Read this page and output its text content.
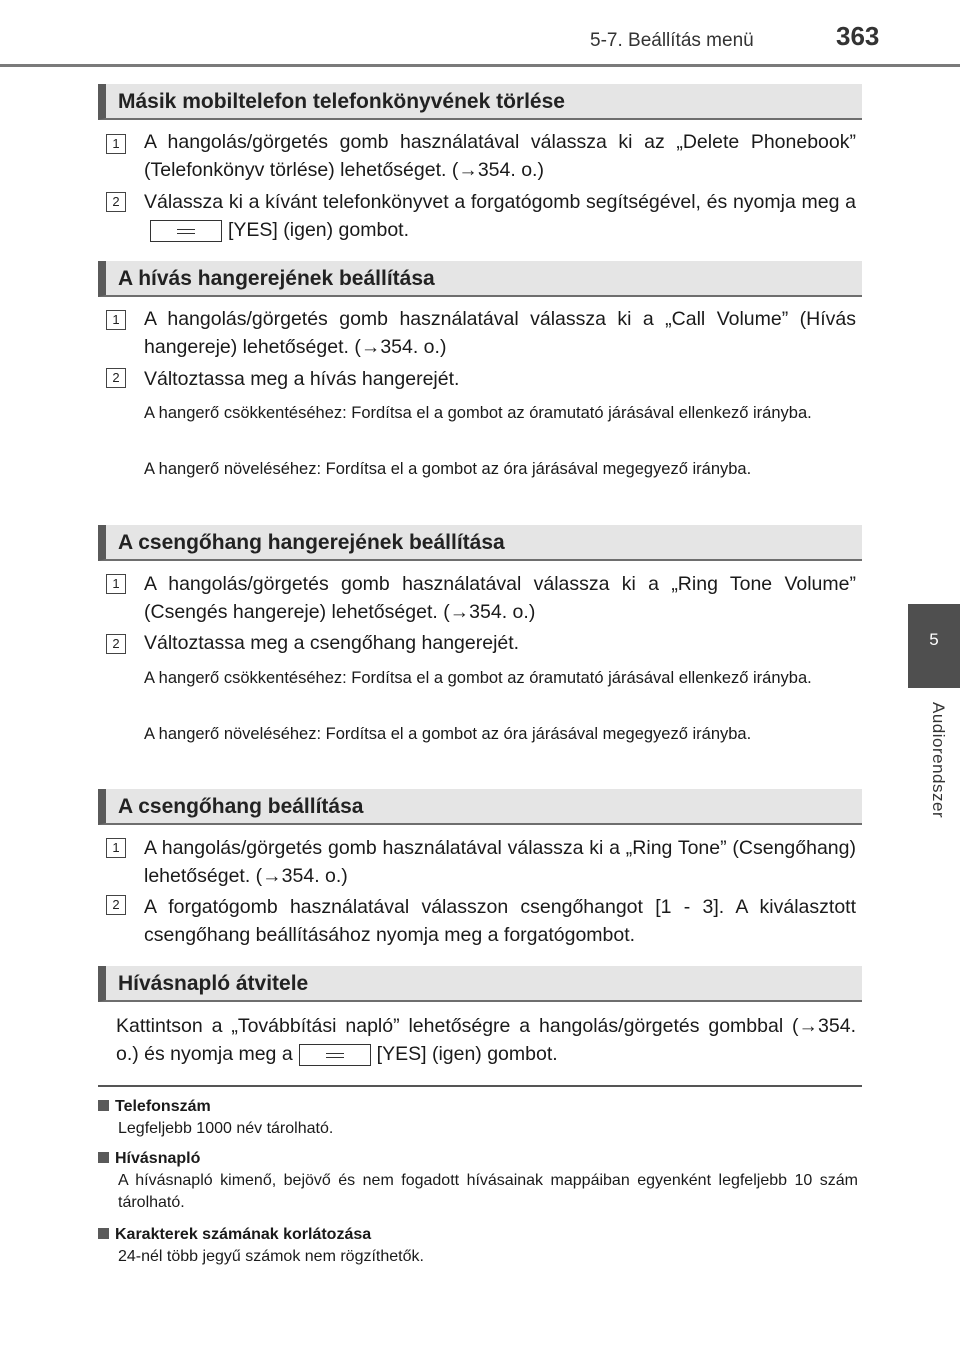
5-7. Beállítás menü	363
5
Audiorendszer
Másik mobiltelefon telefonkönyvének törlése
1	A hangolás/görgetés gomb használatával válassza ki az „Delete Phonebook” (Telefonkönyv törlése) lehetőséget. (→354. o.)
2	Válassza ki a kívánt telefonkönyvet a forgatógomb segítségével, és nyomja meg a[YES] (igen) gombot.
A hívás hangerejének beállítása
1	A hangolás/görgetés gomb használatával válassza ki a „Call Volume” (Hívás hangereje) lehetőséget. (→354. o.)
2	Változtassa meg a hívás hangerejét.
A hangerő csökkentéséhez: Fordítsa el a gombot az óramutató járásával ellenkező irányba.
A hangerő növeléséhez: Fordítsa el a gombot az óra járásával megegyező irányba.
A csengőhang hangerejének beállítása
1	A hangolás/görgetés gomb használatával válassza ki a „Ring Tone Volume” (Csengés hangereje) lehetőséget. (→354. o.)
2	Változtassa meg a csengőhang hangerejét.
A hangerő csökkentéséhez: Fordítsa el a gombot az óramutató járásával ellenkező irányba.
A hangerő növeléséhez: Fordítsa el a gombot az óra járásával megegyező irányba.
A csengőhang beállítása
1	A hangolás/görgetés gomb használatával válassza ki a „Ring Tone” (Csengőhang) lehetőséget. (→354. o.)
2	A forgatógomb használatával válasszon csengőhangot [1 - 3]. A kiválasztott csengőhang beállításához nyomja meg a forgatógombot.
Hívásnapló átvitele
Kattintson a „Továbbítási napló” lehetőségre a hangolás/görgetés gombbal (→354. o.) és nyomja meg a	[YES] (igen) gombot.
Telefonszám
Legfeljebb 1000 név tárolható.
Hívásnapló
A hívásnapló kimenő, bejövő és nem fogadott hívásainak mappáiban egyenként legfeljebb 10 szám tárolható.
Karakterek számának korlátozása
24-nél több jegyű számok nem rögzíthetők.
